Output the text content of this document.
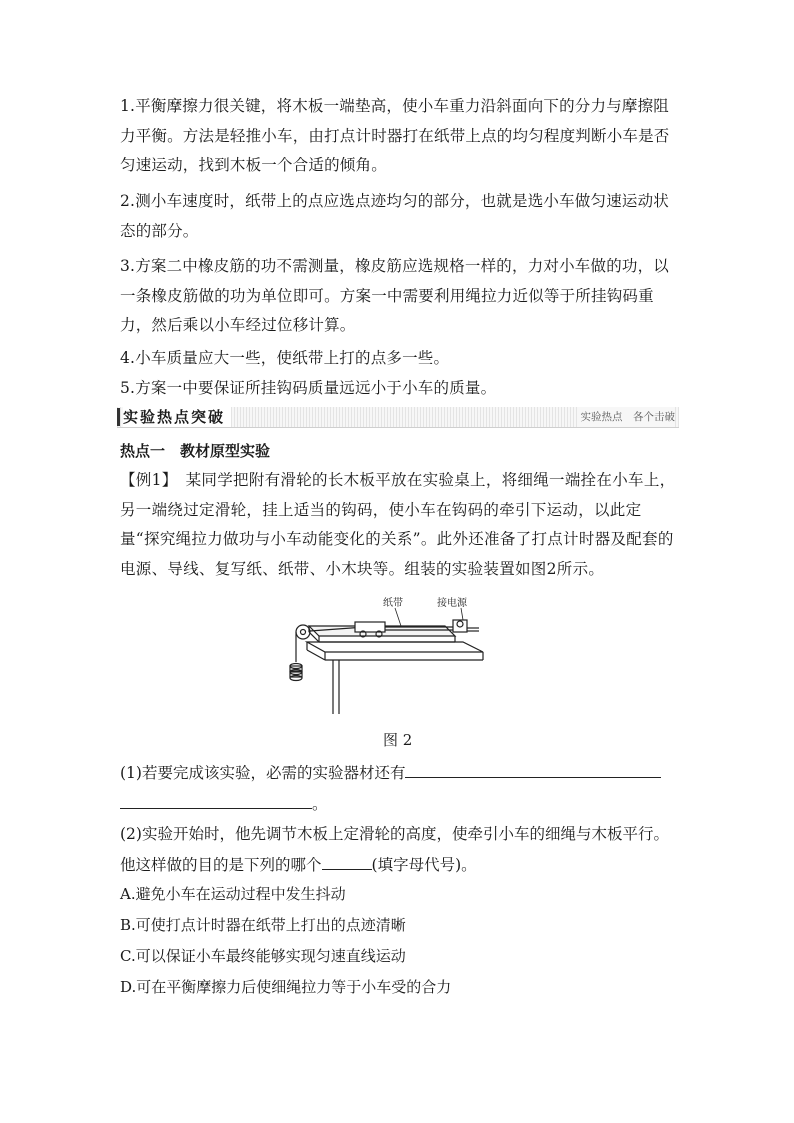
1.平衡摩擦力很关键，将木板一端垫高，使小车重力沿斜面向下的分力与摩擦阻力平衡。方法是轻推小车，由打点计时器打在纸带上点的均匀程度判断小车是否匀速运动，找到木板一个合适的倾角。
2.测小车速度时，纸带上的点应选点迹均匀的部分，也就是选小车做匀速运动状态的部分。
3.方案二中橡皮筋的功不需测量，橡皮筋应选规格一样的，力对小车做的功，以一条橡皮筋做的功为单位即可。方案一中需要利用绳拉力近似等于所挂钩码重力，然后乘以小车经过位移计算。
4.小车质量应大一些，使纸带上打的点多一些。
5.方案一中要保证所挂钩码质量远远小于小车的质量。
实验热点突破	实验热点　各个击破
热点一　教材原型实验
【例1】　某同学把附有滑轮的长木板平放在实验桌上，将细绳一端拴在小车上，另一端绕过定滑轮，挂上适当的钩码，使小车在钩码的牵引下运动，以此定量“探究绳拉力做功与小车动能变化的关系”。此外还准备了打点计时器及配套的电源、导线、复写纸、纸带、小木块等。组装的实验装置如图2所示。
纸带	接电源
图 2
(1)若要完成该实验，必需的实验器材还有
。
(2)实验开始时，他先调节木板上定滑轮的高度，使牵引小车的细绳与木板平行。
他这样做的目的是下列的哪个	(填字母代号)。
A.避免小车在运动过程中发生抖动
B.可使打点计时器在纸带上打出的点迹清晰
C.可以保证小车最终能够实现匀速直线运动
D.可在平衡摩擦力后使细绳拉力等于小车受的合力
